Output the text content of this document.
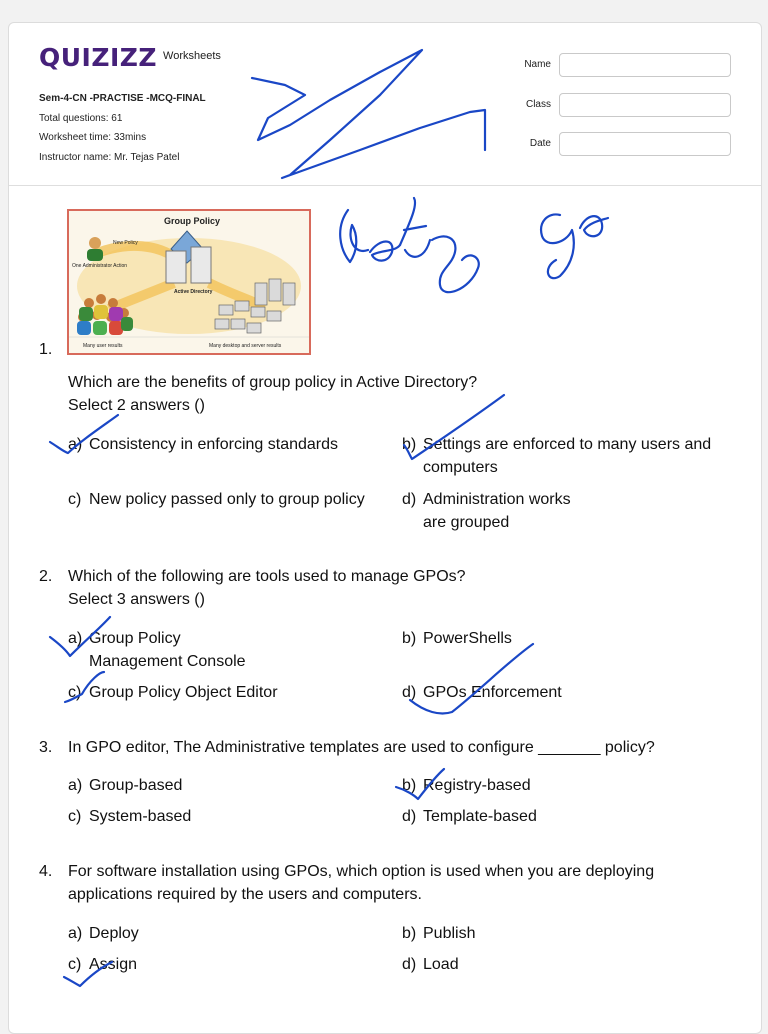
QUIZIZZ Worksheets
Sem-4-CN -PRACTISE -MCQ-FINAL
Total questions: 61
Worksheet time: 33mins
Instructor name: Mr. Tejas Patel
Name
Class
Date
Group Policy
New Policy
One Administrator Action
Active Directory
Many user results	Many desktop and server results
1.
Which are the benefits of group policy in Active Directory?
Select 2 answers ()
a) Consistency in enforcing standards	b) Settings are enforced to many users and computers
c) New policy passed only to group policy	d) Administration works are grouped
2. Which of the following are tools used to manage GPOs?
Select 3 answers ()
a) Group Policy Management Console
b) PowerShells
c) Group Policy Object Editor	d) GPOs Enforcement
3. In GPO editor, The Administrative templates are used to configure _______ policy?
a) Group-based	b) Registry-based
c) System-based	d) Template-based
4. For software installation using GPOs, which option is used when you are deploying applications required by the users and computers.
a) Deploy	b) Publish
c) Assign	d) Load
